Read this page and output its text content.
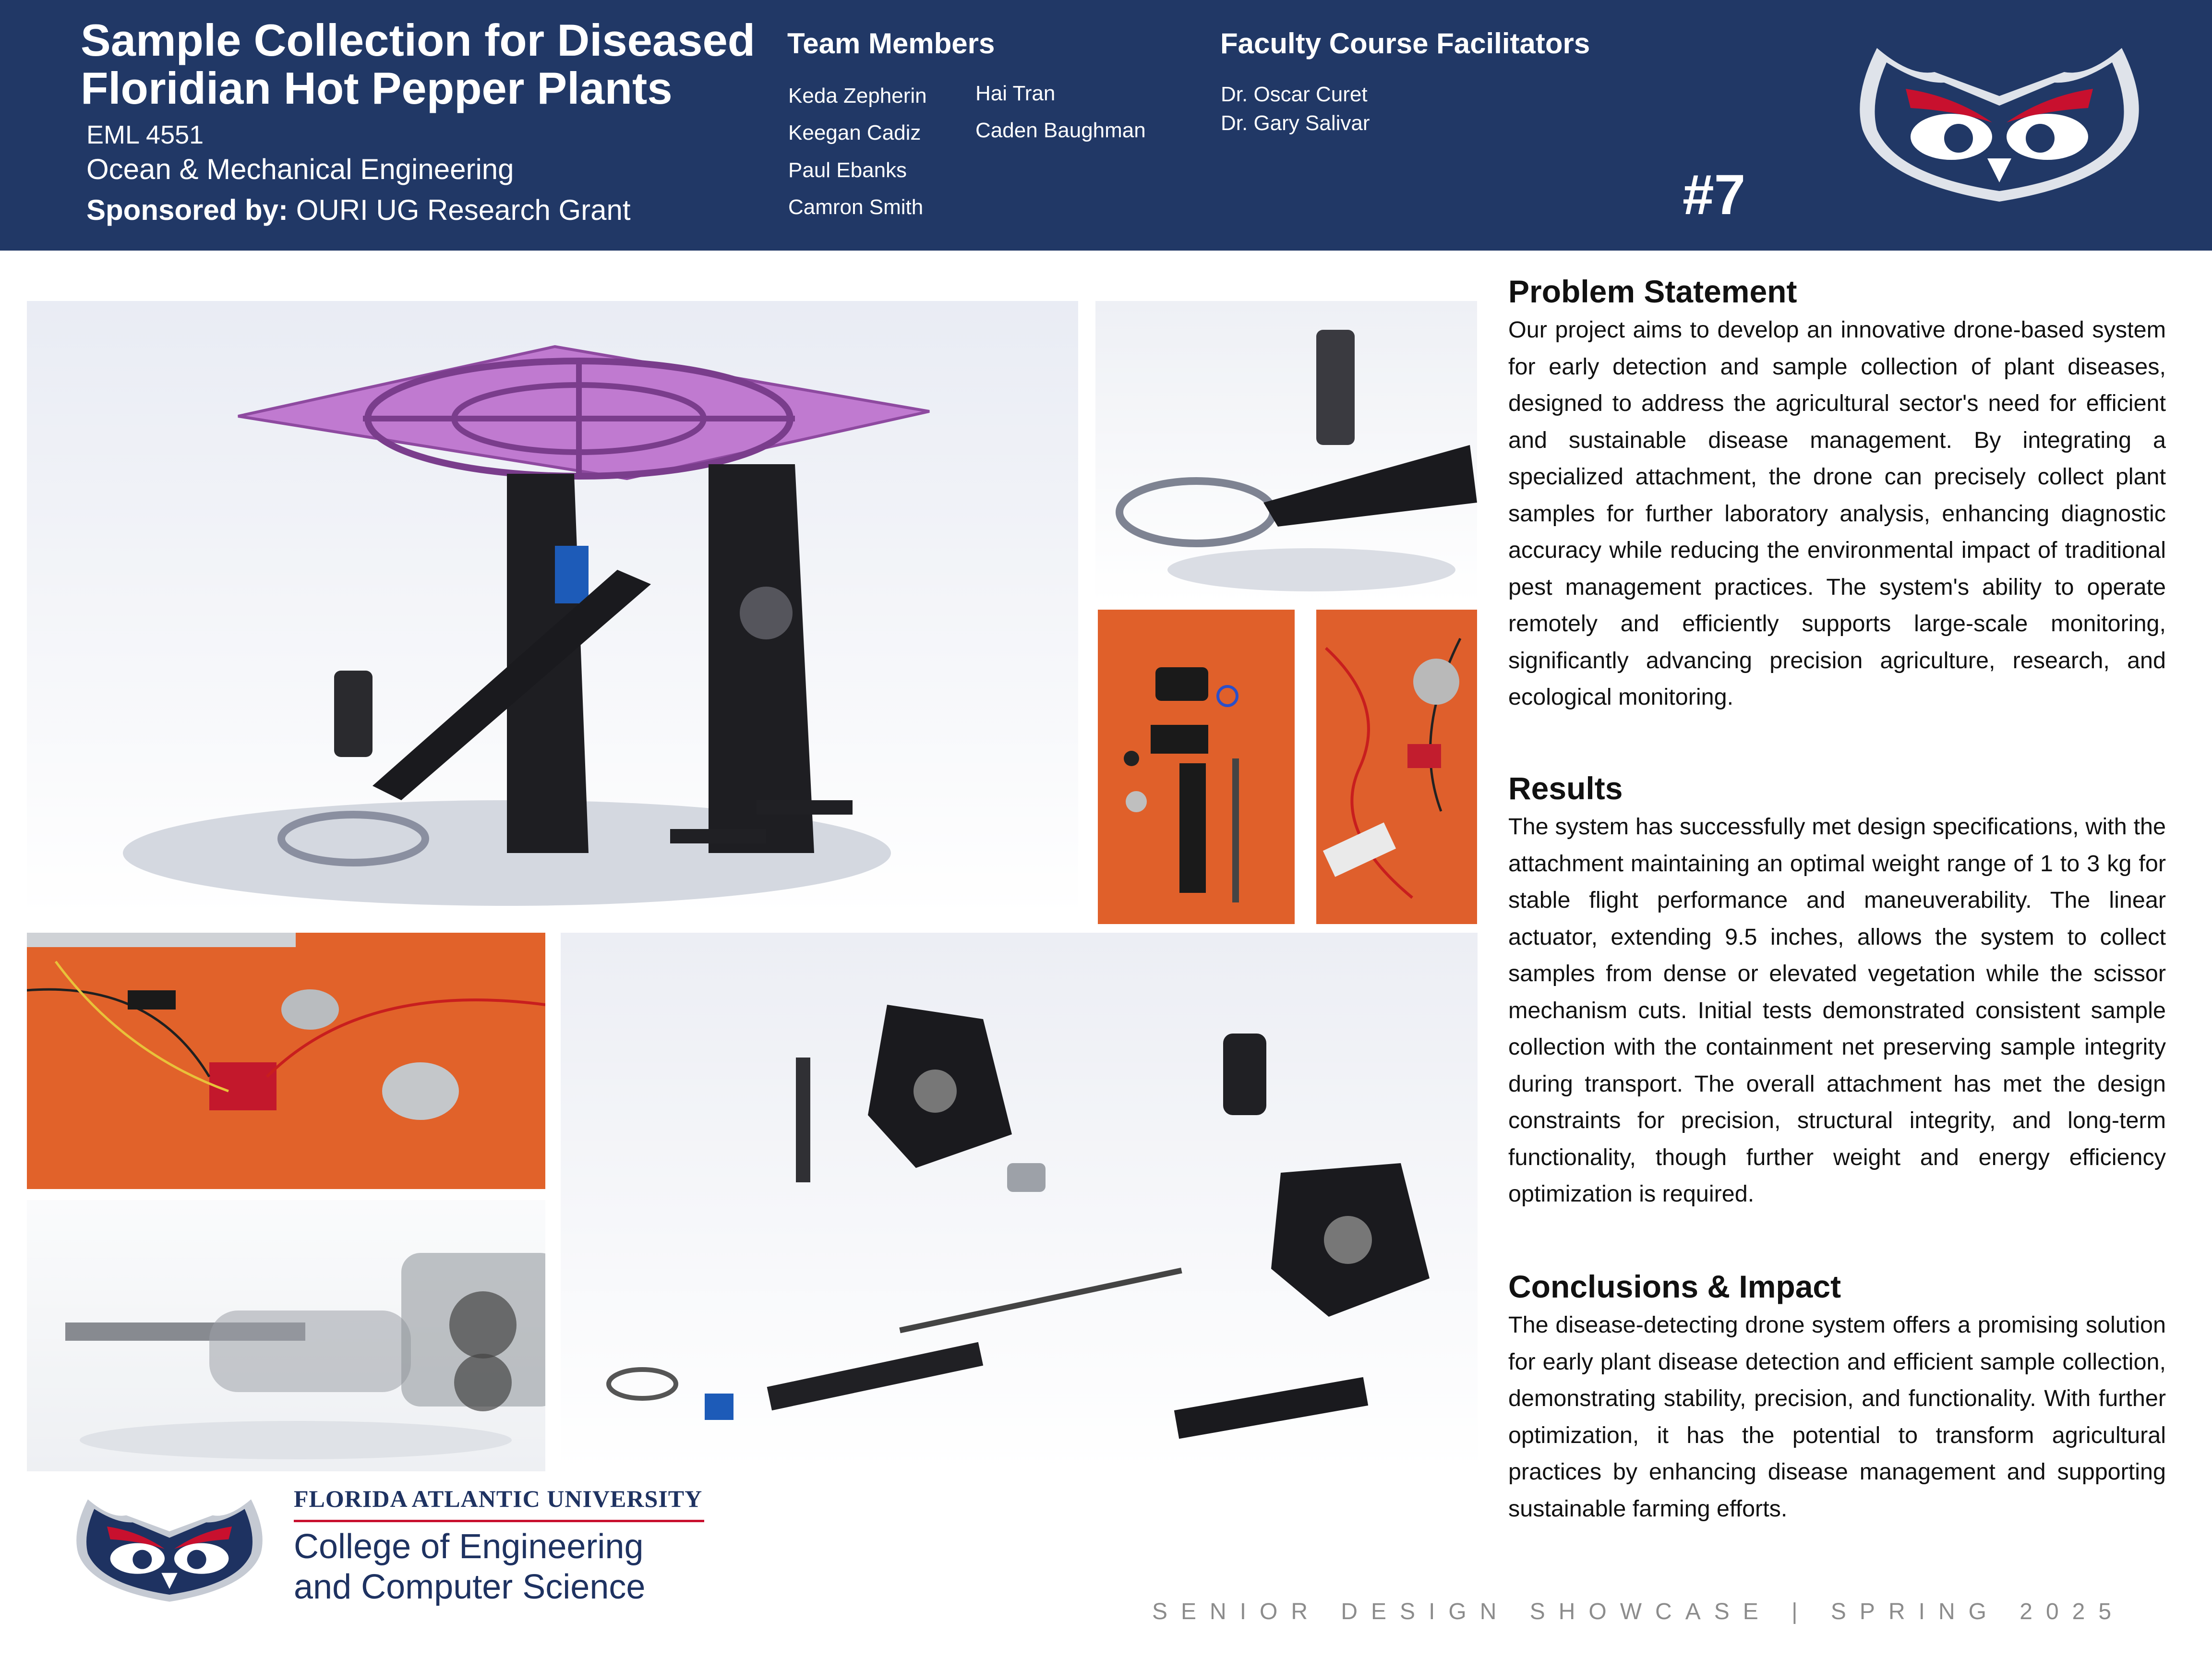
Sample Collection for Diseased
Floridian Hot Pepper Plants
EML 4551
Ocean & Mechanical Engineering
Sponsored by: OURI UG Research Grant
Team Members
Keda Zepherin
Keegan Cadiz
Paul Ebanks
Camron Smith
Hai Tran
Caden Baughman
Faculty Course Facilitators
Dr. Oscar Curet
Dr. Gary Salivar
#7
Problem Statement

Our project aims to develop an innovative drone-based system for early detection and sample collection of plant diseases, designed to address the agricultural sector's need for efficient and sustainable disease management. By integrating a specialized attachment, the drone can precisely collect plant samples for further laboratory analysis, enhancing diagnostic accuracy while reducing the environmental impact of traditional pest management practices. The system's ability to operate remotely and efficiently supports large-scale monitoring, significantly advancing precision agriculture, research, and ecological monitoring.

Results

The system has successfully met design specifications, with the attachment maintaining an optimal weight range of 1 to 3 kg for stable flight performance and maneuverability. The linear actuator, extending 9.5 inches, allows the system to collect samples from dense or elevated vegetation while the scissor mechanism cuts. Initial tests demonstrated consistent sample collection with the containment net preserving sample integrity during transport. The overall attachment has met the design constraints for precision, structural integrity, and long-term functionality, though further weight and energy efficiency optimization is required.

Conclusions & Impact

The disease-detecting drone system offers a promising solution for early plant disease detection and efficient sample collection, demonstrating stability, precision, and functionality. With further optimization, it has the potential to transform agricultural practices by enhancing disease management and supporting sustainable farming efforts.

FLORIDA ATLANTIC UNIVERSITY
College of Engineering
and Computer Science
SENIOR DESIGN SHOWCASE | SPRING 2025
